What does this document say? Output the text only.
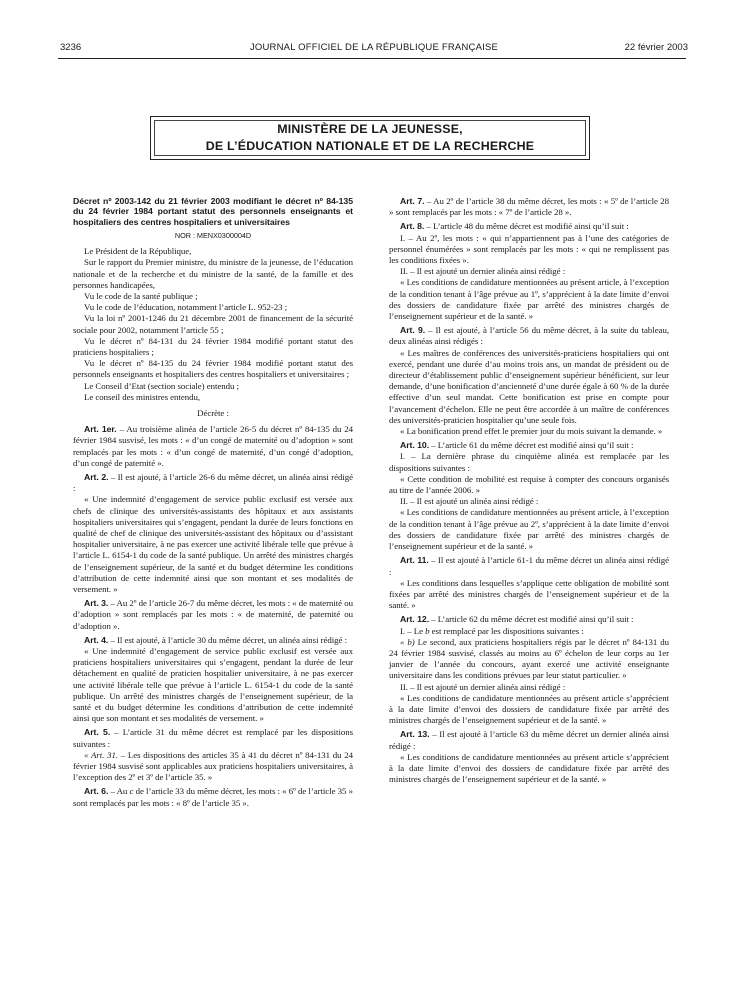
3236	JOURNAL OFFICIEL DE LA RÉPUBLIQUE FRANÇAISE	22 février 2003
MINISTÈRE DE LA JEUNESSE,
DE L’ÉDUCATION NATIONALE ET DE LA RECHERCHE

Décret nº 2003-142 du 21 février 2003 modifiant le décret nº 84-135 du 24 février 1984 portant statut des personnels enseignants et hospitaliers des centres hospitaliers et universitaires

NOR : MENX0300004D

Le Président de la République,

Sur le rapport du Premier ministre, du ministre de la jeunesse, de l’éducation nationale et de la recherche et du ministre de la santé, de la famille et des personnes handicapées,

Vu le code de la santé publique ;

Vu le code de l’éducation, notamment l’article L. 952-23 ;

Vu la loi nº 2001-1246 du 21 décembre 2001 de financement de la sécurité sociale pour 2002, notamment l’article 55 ;

Vu le décret nº 84-131 du 24 février 1984 modifié portant statut des praticiens hospitaliers ;

Vu le décret nº 84-135 du 24 février 1984 modifié portant statut des personnels enseignants et hospitaliers des centres hospitaliers et universitaires ;

Le Conseil d’Etat (section sociale) entendu ;

Le conseil des ministres entendu,

Décrète :

Art. 1er. – Au troisième alinéa de l’article 26-5 du décret nº 84-135 du 24 février 1984 susvisé, les mots : « d’un congé de maternité ou d’adoption » sont remplacés par les mots : « d’un congé de maternité, d’un congé d’adoption, d’un congé de paternité ».

Art. 2. – Il est ajouté, à l’article 26-6 du même décret, un alinéa ainsi rédigé :

« Une indemnité d’engagement de service public exclusif est versée aux chefs de clinique des universités-assistants des hôpitaux et aux assistants hospitaliers universitaires qui s’engagent, pendant la durée de leurs fonctions en qualité de chef de clinique des universités-assistant des hôpitaux ou d’assistant hospitalier universitaire, à ne pas exercer une activité libérale telle que prévue à l’article L. 6154-1 du code de la santé publique. Un arrêté des ministres chargés de l’enseignement supérieur, de la santé et du budget détermine les conditions d’attribution de cette indemnité ainsi que son montant et ses modalités de versement. »

Art. 3. – Au 2º de l’article 26-7 du même décret, les mots : « de maternité ou d’adoption » sont remplacés par les mots : « de maternité, de paternité ou d’adoption ».

Art. 4. – Il est ajouté, à l’article 30 du même décret, un alinéa ainsi rédigé :

« Une indemnité d’engagement de service public exclusif est versée aux praticiens hospitaliers universitaires qui s’engagent, pendant la durée de leur détachement en qualité de praticien hospitalier universitaire, à ne pas exercer une activité libérale telle que prévue à l’article L. 6154-1 du code de la santé publique. Un arrêté des ministres chargés de l’enseignement supérieur, de la santé et du budget détermine les conditions d’attribution de cette indemnité ainsi que son montant et ses modalités de versement. »

Art. 5. – L’article 31 du même décret est remplacé par les dispositions suivantes :

« Art. 31. – Les dispositions des articles 35 à 41 du décret nº 84-131 du 24 février 1984 susvisé sont applicables aux praticiens hospitaliers universitaires, à l’exception des 2º et 3º de l’article 35. »

Art. 6. – Au c de l’article 33 du même décret, les mots : « 6º de l’article 35 » sont remplacés par les mots : « 8º de l’article 35 ».

Art. 7. – Au 2º de l’article 38 du même décret, les mots : « 5º de l’article 28 » sont remplacés par les mots : « 7º de l’article 28 ».

Art. 8. – L’article 48 du même décret est modifié ainsi qu’il suit :

I. – Au 2º, les mots : « qui n’appartiennent pas à l’une des catégories de personnel énumérées » sont remplacés par les mots : « qui ne remplissent pas les conditions fixées ».

II. – Il est ajouté un dernier alinéa ainsi rédigé :

« Les conditions de candidature mentionnées au présent article, à l’exception de la condition tenant à l’âge prévue au 1º, s’apprécient à la date limite d’envoi des dossiers de candidature fixée par arrêté des ministres chargés de l’enseignement supérieur et de la santé. »

Art. 9. – Il est ajouté, à l’article 56 du même décret, à la suite du tableau, deux alinéas ainsi rédigés :

« Les maîtres de conférences des universités-praticiens hospitaliers qui ont exercé, pendant une durée d’au moins trois ans, un mandat de président ou de directeur d’établissement public d’enseignement supérieur bénéficient, sur leur demande, d’une bonification d’ancienneté d’une durée égale à 60 % de la durée effective d’un seul mandat. Cette bonification est prise en compte pour l’avancement d’échelon. Elle ne peut être accordée à un maître de conférences des universités-praticien hospitalier qu’une seule fois.

« La bonification prend effet le premier jour du mois suivant la demande. »

Art. 10. – L’article 61 du même décret est modifié ainsi qu’il suit :

I. – La dernière phrase du cinquième alinéa est remplacée par les dispositions suivantes :

« Cette condition de mobilité est requise à compter des concours organisés au titre de l’année 2006. »

II. – Il est ajouté un alinéa ainsi rédigé :

« Les conditions de candidature mentionnées au présent article, à l’exception de la condition tenant à l’âge prévue au 2º, s’apprécient à la date limite d’envoi des dossiers de candidature fixée par arrêté des ministres chargés de l’enseignement supérieur et de la santé. »

Art. 11. – Il est ajouté à l’article 61-1 du même décret un alinéa ainsi rédigé :

« Les conditions dans lesquelles s’applique cette obligation de mobilité sont fixées par arrêté des ministres chargés de l’enseignement supérieur et de la santé. »

Art. 12. – L’article 62 du même décret est modifié ainsi qu’il suit :

I. – Le b est remplacé par les dispositions suivantes :

« b) Le second, aux praticiens hospitaliers régis par le décret nº 84-131 du 24 février 1984 susvisé, classés au moins au 6º échelon de leur corps au 1er janvier de l’année du concours, ayant exercé une activité enseignante universitaire dans les conditions prévues par leur statut particulier. »

II. – Il est ajouté un dernier alinéa ainsi rédigé :

« Les conditions de candidature mentionnées au présent article s’apprécient à la date limite d’envoi des dossiers de candidature fixée par arrêté des ministres chargés de l’enseignement supérieur et de la santé. »

Art. 13. – Il est ajouté à l’article 63 du même décret un dernier alinéa ainsi rédigé :

« Les conditions de candidature mentionnées au présent article s’apprécient à la date limite d’envoi des dossiers de candidature fixée par arrêté des ministres chargés de l’enseignement supérieur et de la santé. »
